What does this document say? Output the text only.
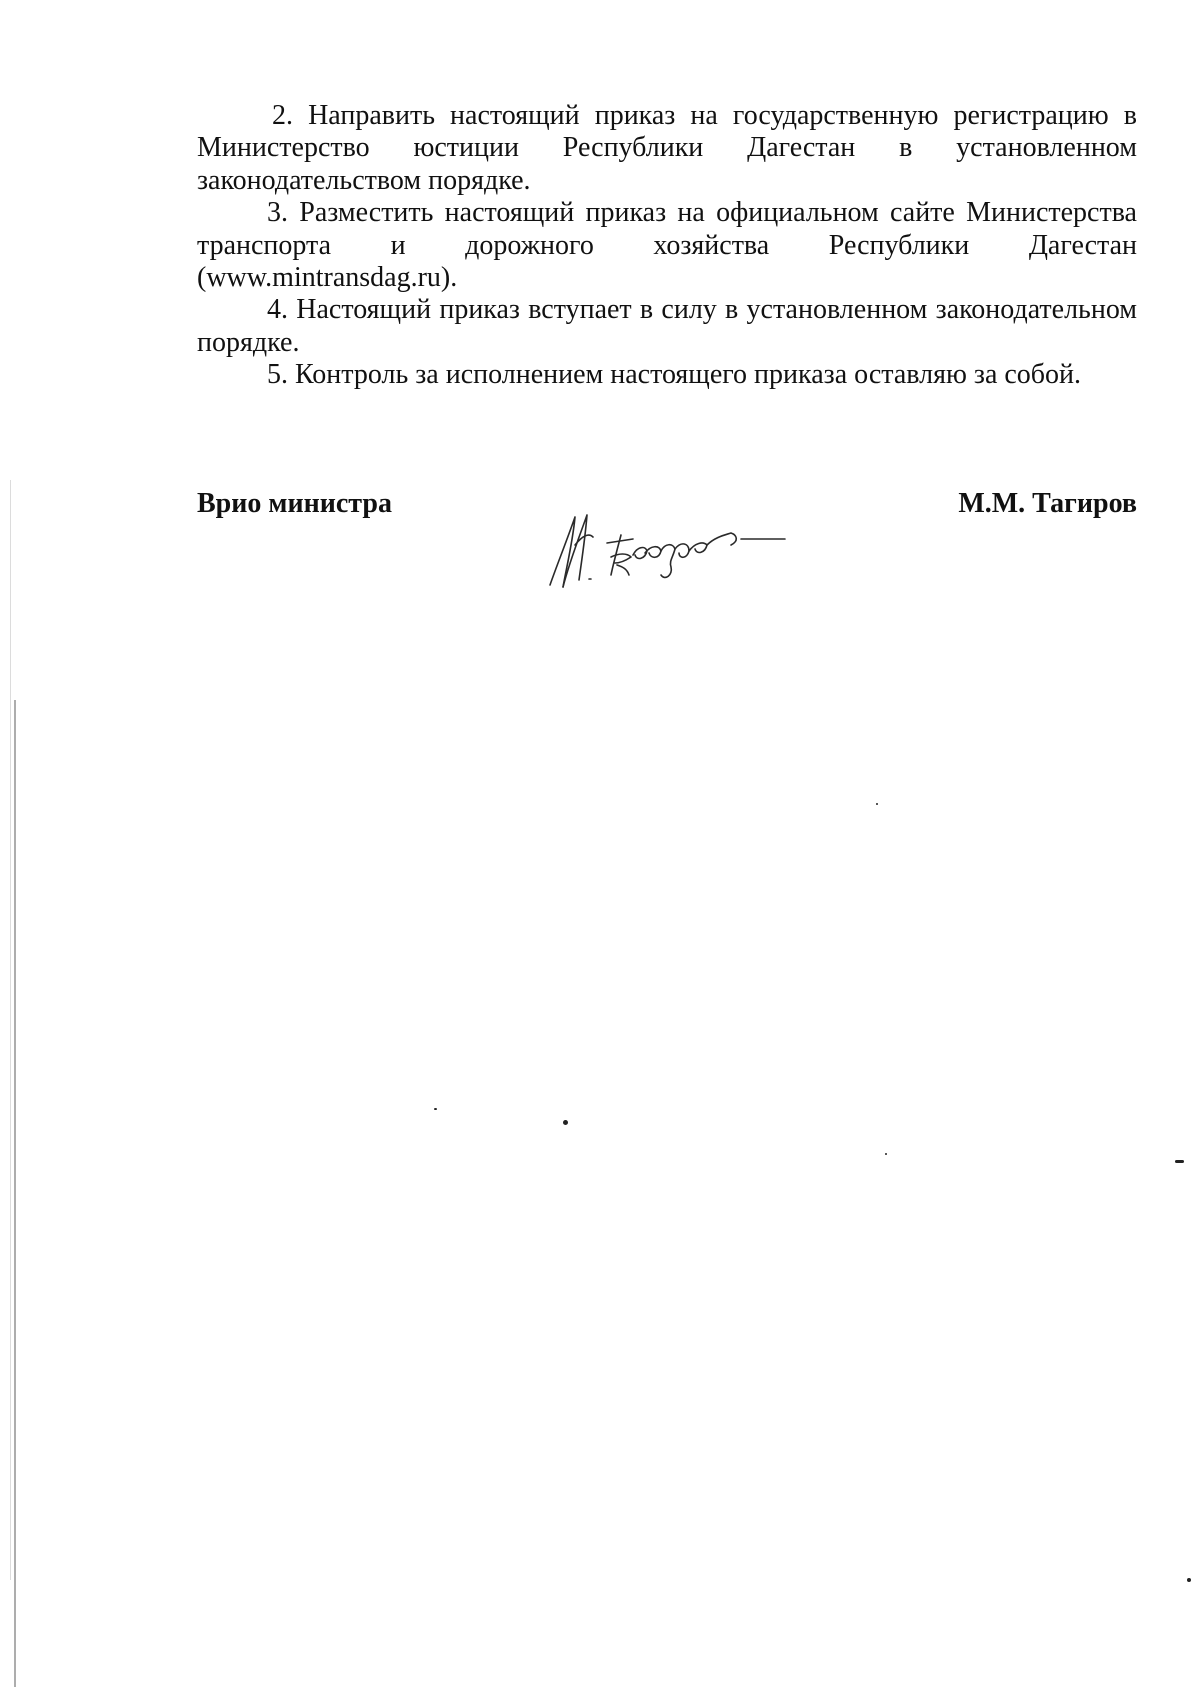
2. Направить настоящий приказ на государственную регистрацию в Министерство юстиции Республики Дагестан в установленном законодательством порядке.

3. Разместить настоящий приказ на официальном сайте Министерства транспорта и дорожного хозяйства Республики Дагестан (www.mintransdag.ru).

4. Настоящий приказ вступает в силу в установленном законодательном порядке.

5. Контроль за исполнением настоящего приказа оставляю за собой.

Врио министра	М.М. Тагиров
